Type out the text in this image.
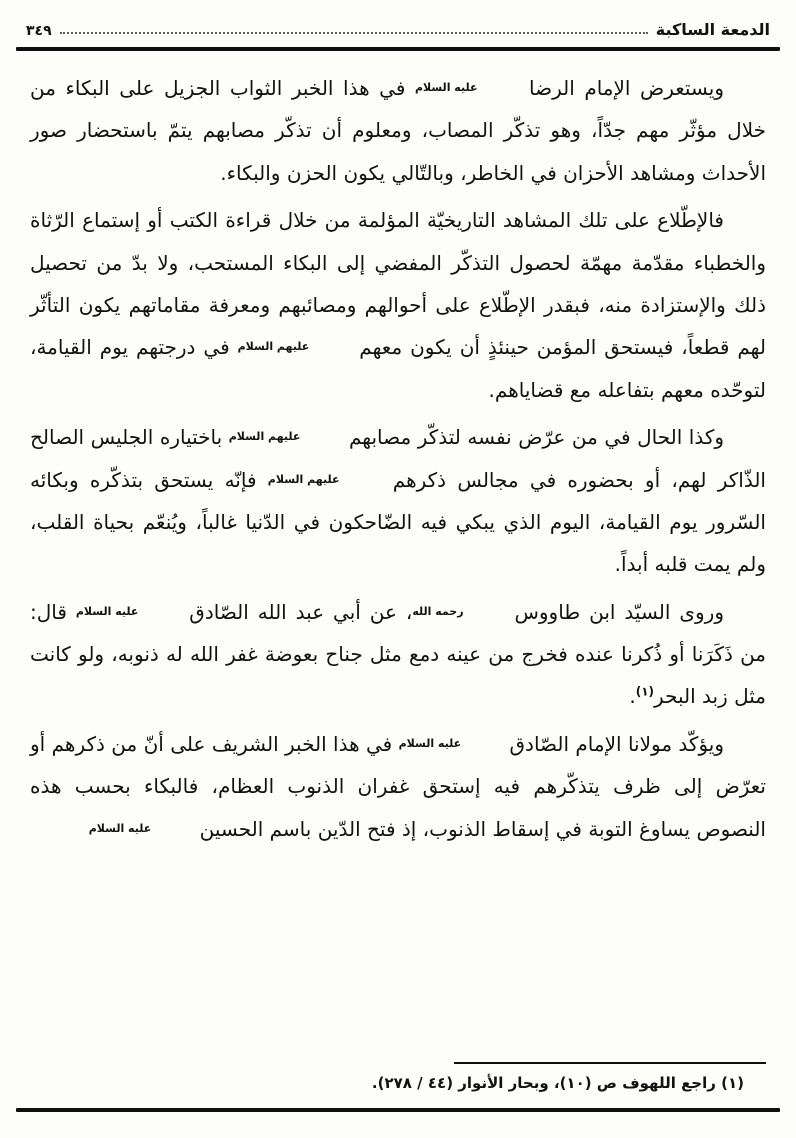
الدمعة الساكبة
٣٤٩

ويستعرض الإمام الرضا عليه السلام في هذا الخبر الثواب الجزيل على البكاء من خلال مؤثّر مهم جدّاً، وهو تذكّر المصاب، ومعلوم أن تذكّر مصابهم يتمّ باستحضار صور الأحداث ومشاهد الأحزان في الخاطر، وبالتّالي يكون الحزن والبكاء.

فالإطّلاع على تلك المشاهد التاريخيّة المؤلمة من خلال قراءة الكتب أو إستماع الرّثاة والخطباء مقدّمة مهمّة لحصول التذكّر المفضي إلى البكاء المستحب، ولا بدّ من تحصيل ذلك والإستزادة منه، فبقدر الإطّلاع على أحوالهم ومصائبهم ومعرفة مقاماتهم يكون التأثّر لهم قطعاً، فيستحق المؤمن حينئذٍ أن يكون معهم عليهم السلام في درجتهم يوم القيامة، لتوحّده معهم بتفاعله مع قضاياهم.

وكذا الحال في من عرّض نفسه لتذكّر مصابهم عليهم السلام باختياره الجليس الصالح الذّاكر لهم، أو بحضوره في مجالس ذكرهم عليهم السلام فإنّه يستحق بتذكّره وبكائه السّرور يوم القيامة، اليوم الذي يبكي فيه الضّاحكون في الدّنيا غالباً، ويُنعّم بحياة القلب، ولم يمت قلبه أبداً.

وروى السيّد ابن طاووس رحمه الله، عن أبي عبد الله الصّادق عليه السلام قال: من ذَكَرَنا أو ذُكرنا عنده فخرج من عينه دمع مثل جناح بعوضة غفر الله له ذنوبه، ولو كانت مثل زبد البحر$^{(١)}$.

ويؤكّد مولانا الإمام الصّادق عليه السلام في هذا الخبر الشريف على أنّ من ذكرهم أو تعرّض إلى ظرف يتذكّرهم فيه إستحق غفران الذنوب العظام، فالبكاء بحسب هذه النصوص يساوغ التوبة في إسقاط الذنوب، إذ فتح الدّين باسم الحسين عليه السلام

(١) راجع اللهوف ص (١٠)، وبحار الأنوار (٤٤ / ٢٧٨).
